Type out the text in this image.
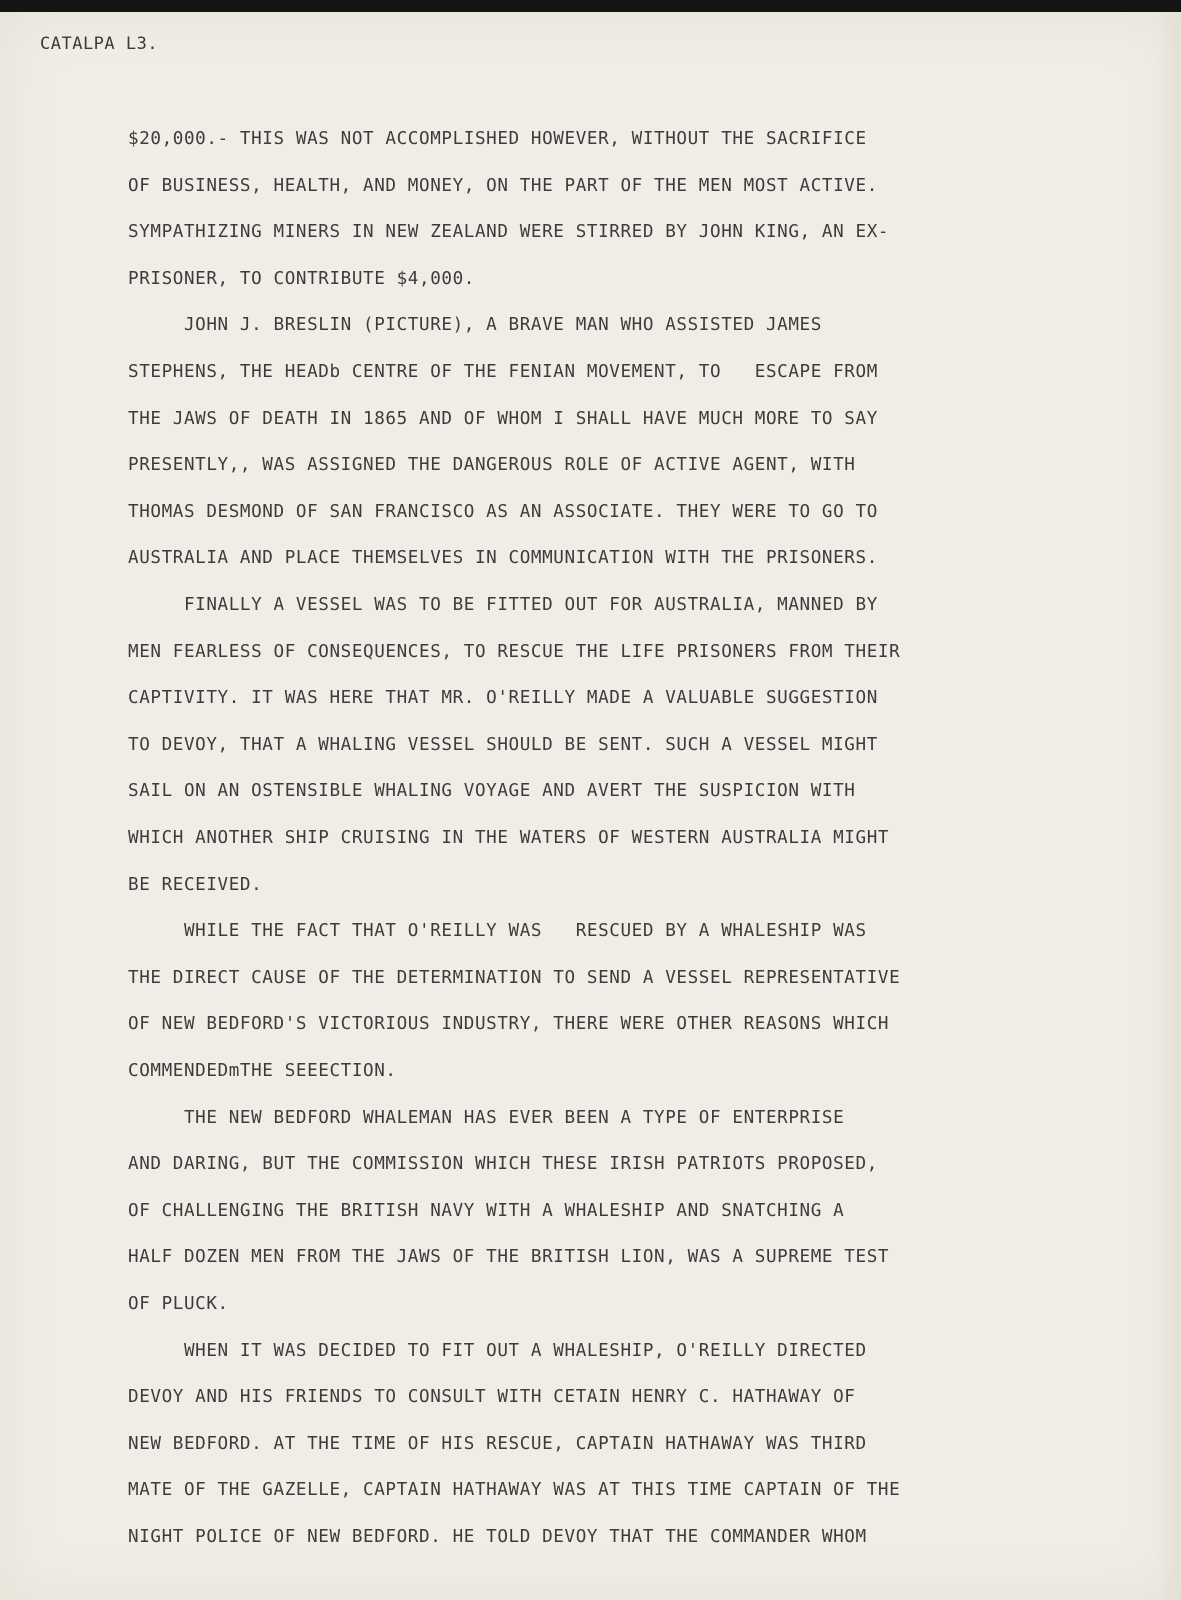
CATALPA L3.
$20,000.- THIS WAS NOT ACCOMPLISHED HOWEVER, WITHOUT THE SACRIFICE
OF BUSINESS, HEALTH, AND MONEY, ON THE PART OF THE MEN MOST ACTIVE.
SYMPATHIZING MINERS IN NEW ZEALAND WERE STIRRED BY JOHN KING, AN EX-
PRISONER, TO CONTRIBUTE $4,000.
JOHN J. BRESLIN (PICTURE), A BRAVE MAN WHO ASSISTED JAMES
STEPHENS, THE HEADb CENTRE OF THE FENIAN MOVEMENT, TO   ESCAPE FROM
THE JAWS OF DEATH IN 1865 AND OF WHOM I SHALL HAVE MUCH MORE TO SAY
PRESENTLY,, WAS ASSIGNED THE DANGEROUS ROLE OF ACTIVE AGENT, WITH
THOMAS DESMOND OF SAN FRANCISCO AS AN ASSOCIATE. THEY WERE TO GO TO
AUSTRALIA AND PLACE THEMSELVES IN COMMUNICATION WITH THE PRISONERS.
FINALLY A VESSEL WAS TO BE FITTED OUT FOR AUSTRALIA, MANNED BY
MEN FEARLESS OF CONSEQUENCES, TO RESCUE THE LIFE PRISONERS FROM THEIR
CAPTIVITY. IT WAS HERE THAT MR. O'REILLY MADE A VALUABLE SUGGESTION
TO DEVOY, THAT A WHALING VESSEL SHOULD BE SENT. SUCH A VESSEL MIGHT
SAIL ON AN OSTENSIBLE WHALING VOYAGE AND AVERT THE SUSPICION WITH
WHICH ANOTHER SHIP CRUISING IN THE WATERS OF WESTERN AUSTRALIA MIGHT
BE RECEIVED.
WHILE THE FACT THAT O'REILLY WAS   RESCUED BY A WHALESHIP WAS
THE DIRECT CAUSE OF THE DETERMINATION TO SEND A VESSEL REPRESENTATIVE
OF NEW BEDFORD'S VICTORIOUS INDUSTRY, THERE WERE OTHER REASONS WHICH
COMMENDEDmTHE SEEECTION.
THE NEW BEDFORD WHALEMAN HAS EVER BEEN A TYPE OF ENTERPRISE
AND DARING, BUT THE COMMISSION WHICH THESE IRISH PATRIOTS PROPOSED,
OF CHALLENGING THE BRITISH NAVY WITH A WHALESHIP AND SNATCHING A
HALF DOZEN MEN FROM THE JAWS OF THE BRITISH LION, WAS A SUPREME TEST
OF PLUCK.
WHEN IT WAS DECIDED TO FIT OUT A WHALESHIP, O'REILLY DIRECTED
DEVOY AND HIS FRIENDS TO CONSULT WITH CETAIN HENRY C. HATHAWAY OF
NEW BEDFORD. AT THE TIME OF HIS RESCUE, CAPTAIN HATHAWAY WAS THIRD
MATE OF THE GAZELLE, CAPTAIN HATHAWAY WAS AT THIS TIME CAPTAIN OF THE
NIGHT POLICE OF NEW BEDFORD. HE TOLD DEVOY THAT THE COMMANDER WHOM
